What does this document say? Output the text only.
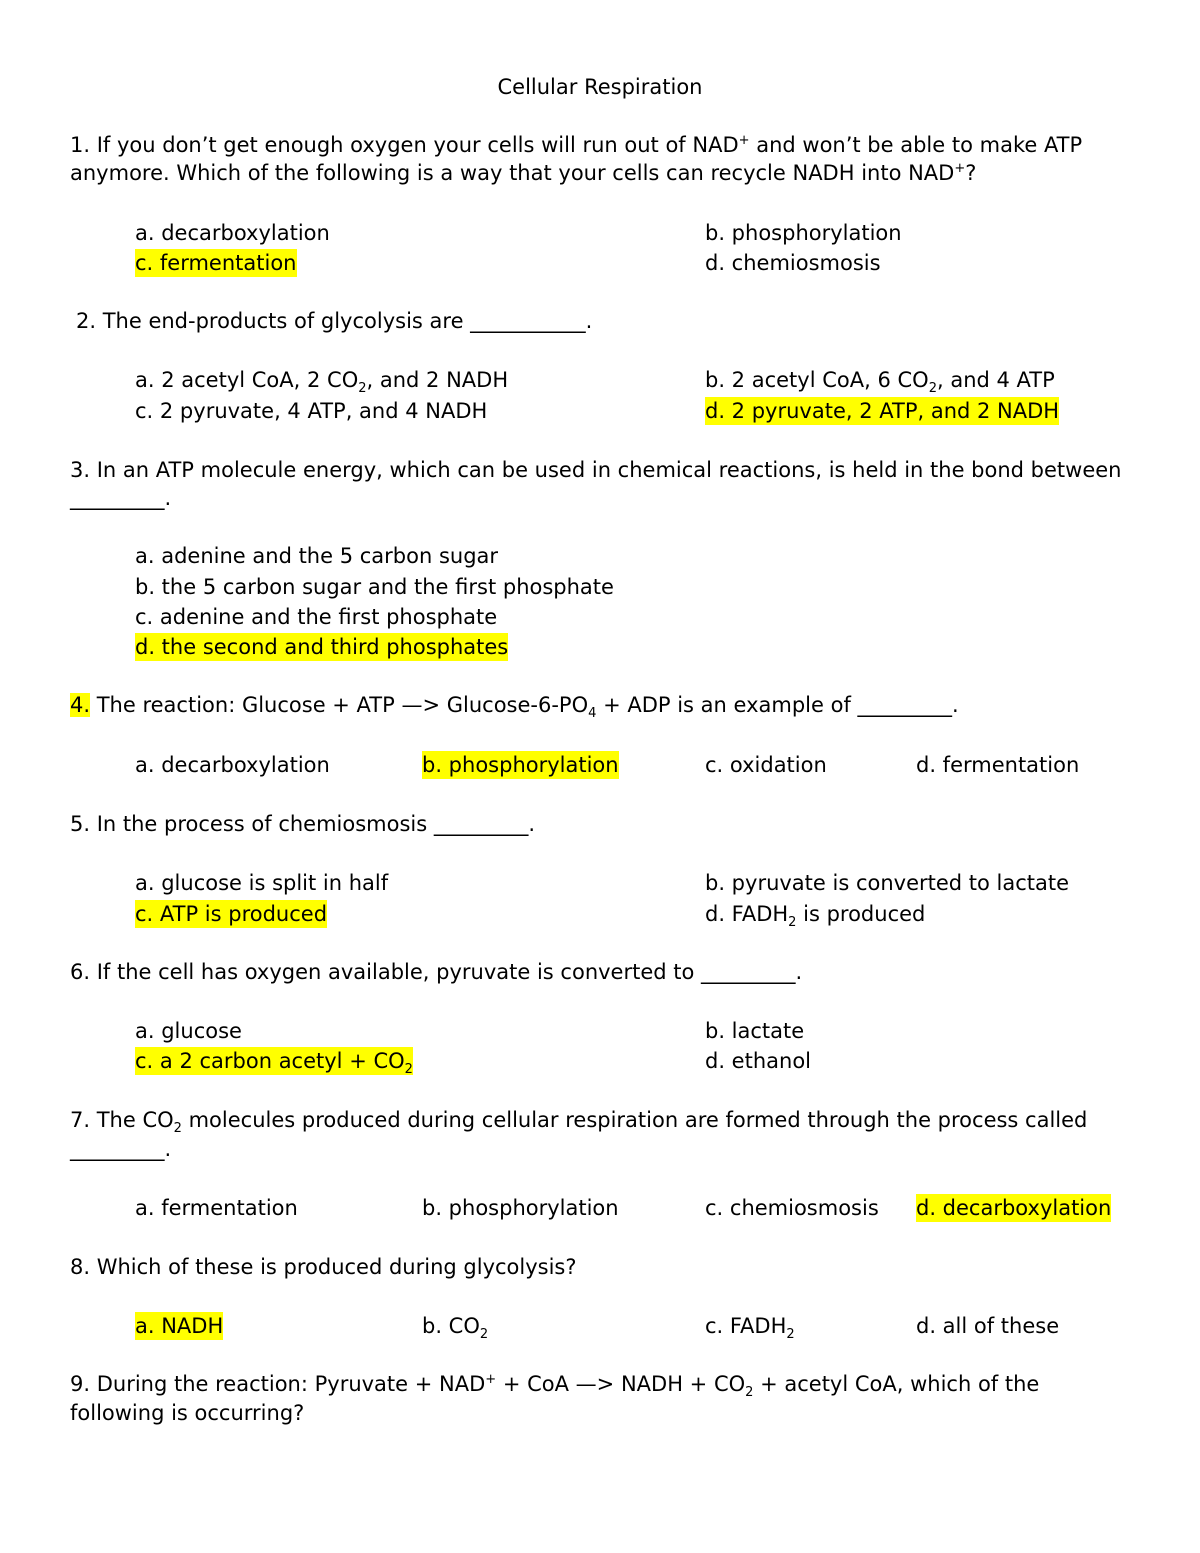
Cellular Respiration
1. If you don’t get enough oxygen your cells will run out of NAD+ and won’t be able to make ATP
anymore. Which of the following is a way that your cells can recycle NADH into NAD+?
a. decarboxylation	b. phosphorylation
c. fermentation	d. chemiosmosis
2. The end-products of glycolysis are ___________.
a. 2 acetyl CoA, 2 $CO_2$, and 2 NADH	b. 2 acetyl CoA, 6 $CO_2$, and 4 ATP
c. 2 pyruvate, 4 ATP, and 4 NADH	d. 2 pyruvate, 2 ATP, and 2 NADH
3. In an ATP molecule energy, which can be used in chemical reactions, is held in the bond between
_________.
a. adenine and the 5 carbon sugar
b. the 5 carbon sugar and the first phosphate
c. adenine and the first phosphate
d. the second and third phosphates
4. The reaction: Glucose + ATP —> Glucose-$6-PO_4$ + ADP is an example of _________.
a. decarboxylation	b. phosphorylation	c. oxidation	d. fermentation
5. In the process of chemiosmosis _________.
a. glucose is split in half	b. pyruvate is converted to lactate
c. ATP is produced	d. $FADH_2$ is produced
6. If the cell has oxygen available, pyruvate is converted to _________.
a. glucose	b. lactate
c. a 2 carbon acetyl + $CO_2$	d. ethanol
7. The $CO_2$ molecules produced during cellular respiration are formed through the process called
_________.
a. fermentation	b. phosphorylation	c. chemiosmosis d. decarboxylation
8. Which of these is produced during glycolysis?
a. NADH	b. $CO_2$	c. $FADH_2$	d. all of these
9. During the reaction: Pyruvate + NAD+ + CoA —> NADH + $CO_2$ + acetyl CoA, which of the
following is occurring?
